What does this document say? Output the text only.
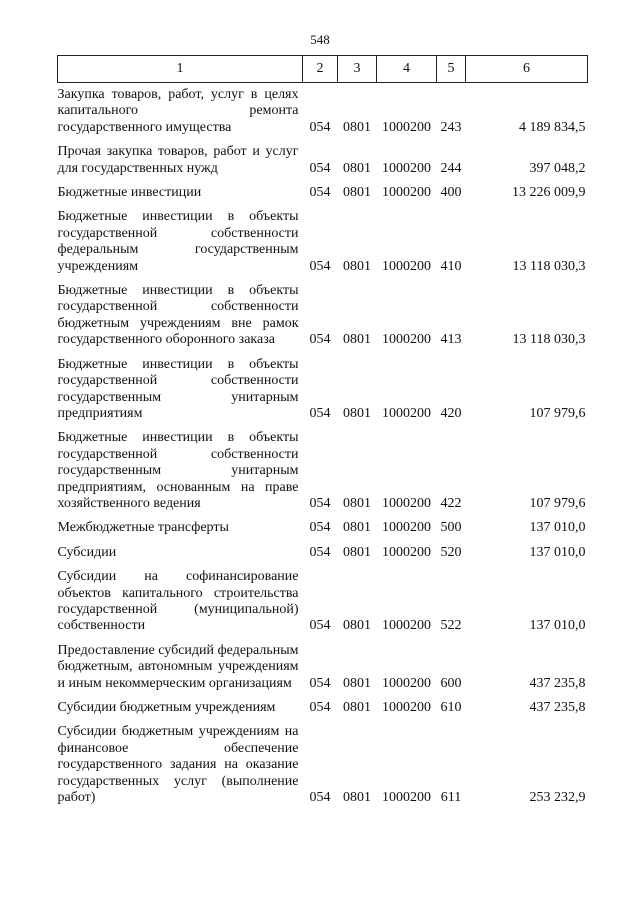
548
1	2	3	4	5	6
Закупка товаров, работ, услуг в целях капитального ремонта государственного имущества	054	0801	1000200	243	4 189 834,5
Прочая закупка товаров, работ и услуг для государственных нужд	054	0801	1000200	244	397 048,2
Бюджетные инвестиции	054	0801	1000200	400	13 226 009,9
Бюджетные инвестиции в объекты государственной собственности федеральным государственным учреждениям	054	0801	1000200	410	13 118 030,3
Бюджетные инвестиции в объекты государственной собственности бюджетным учреждениям вне рамок государственного оборонного заказа	054	0801	1000200	413	13 118 030,3
Бюджетные инвестиции в объекты государственной собственности государственным унитарным предприятиям	054	0801	1000200	420	107 979,6
Бюджетные инвестиции в объекты государственной собственности государственным унитарным предприятиям, основанным на праве хозяйственного ведения	054	0801	1000200	422	107 979,6
Межбюджетные трансферты	054	0801	1000200	500	137 010,0
Субсидии	054	0801	1000200	520	137 010,0
Субсидии на софинансирование объектов капитального строительства государственной (муниципальной) собственности	054	0801	1000200	522	137 010,0
Предоставление субсидий федеральным бюджетным, автономным учреждениям и иным некоммерческим организациям	054	0801	1000200	600	437 235,8
Субсидии бюджетным учреждениям	054	0801	1000200	610	437 235,8
Субсидии бюджетным учреждениям на финансовое обеспечение государственного задания на оказание государственных услуг (выполнение работ)	054	0801	1000200	611	253 232,9
